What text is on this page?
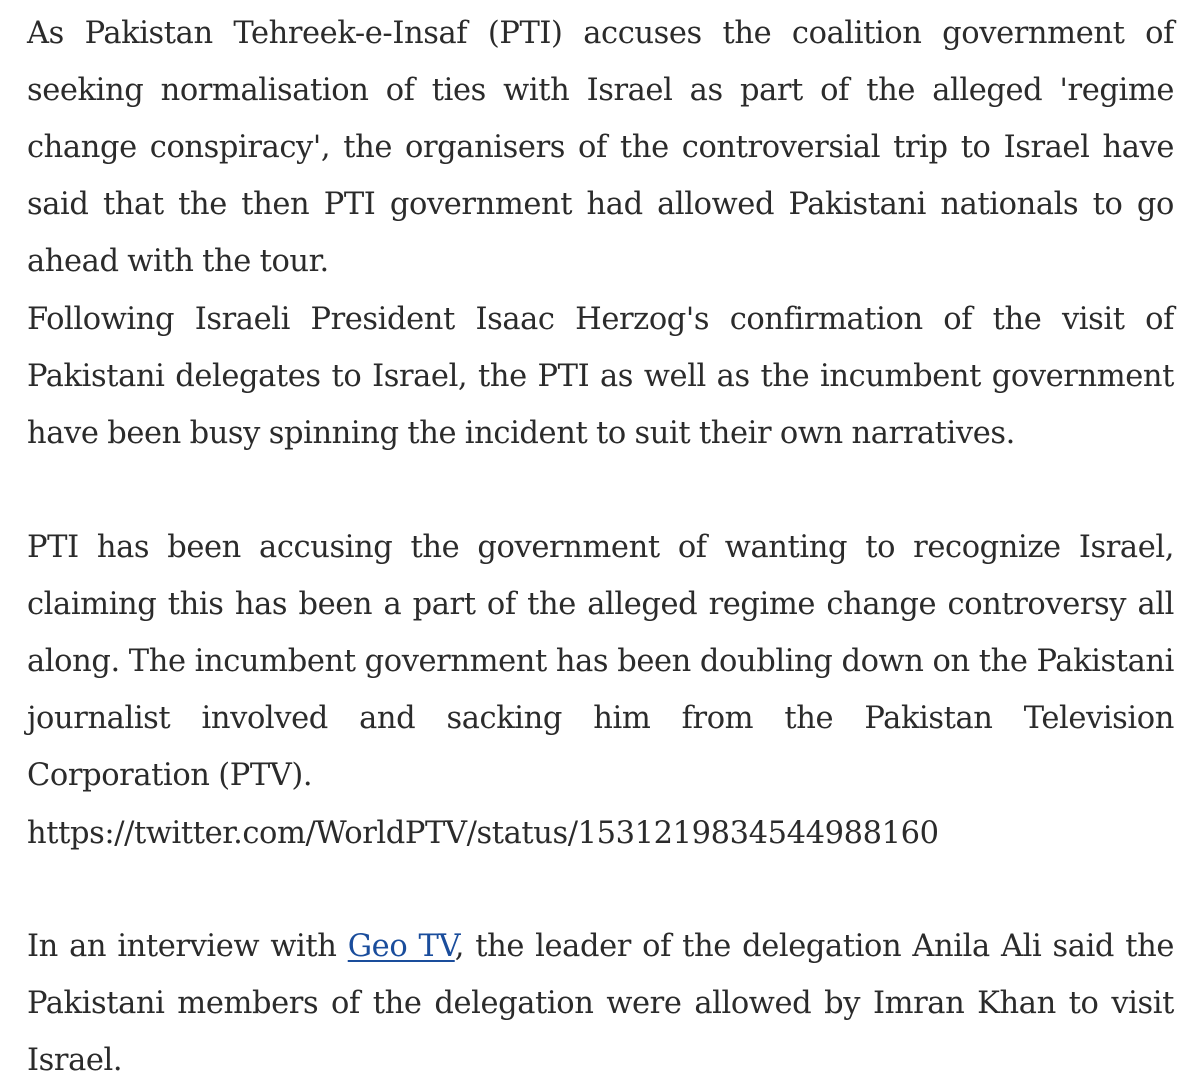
As Pakistan Tehreek-e-Insaf (PTI) accuses the coalition government of seeking normalisation of ties with Israel as part of the alleged 'regime change conspiracy', the organisers of the controversial trip to Israel have said that the then PTI government had allowed Pakistani nationals to go ahead with the tour.

Following Israeli President Isaac Herzog's confirmation of the visit of Pakistani delegates to Israel, the PTI as well as the incumbent government have been busy spinning the incident to suit their own narratives.

PTI has been accusing the government of wanting to recognize Israel, claiming this has been a part of the alleged regime change controversy all along. The incumbent government has been doubling down on the Pakistani journalist involved and sacking him from the Pakistan Television Corporation (PTV).

https://twitter.com/WorldPTV/status/1531219834544988160

In an interview with Geo TV, the leader of the delegation Anila Ali said the Pakistani members of the delegation were allowed by Imran Khan to visit Israel.
